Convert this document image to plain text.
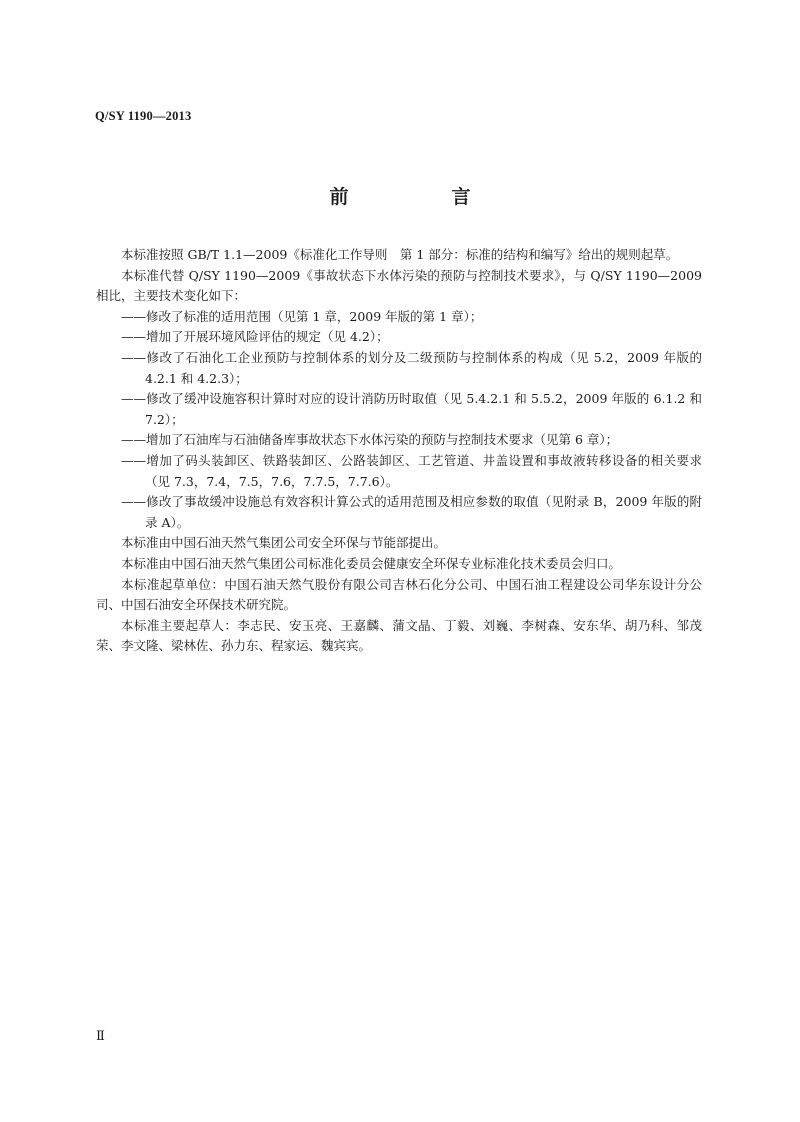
Q/SY 1190—2013
前　言

本标准按照 GB/T 1.1—2009《标准化工作导则　第 1 部分：标准的结构和编写》给出的规则起草。

本标准代替 Q/SY 1190—2009《事故状态下水体污染的预防与控制技术要求》，与 Q/SY 1190—2009 相比，主要技术变化如下：

——修改了标准的适用范围（见第 1 章，2009 年版的第 1 章）；

——增加了开展环境风险评估的规定（见 4.2）；

——修改了石油化工企业预防与控制体系的划分及二级预防与控制体系的构成（见 5.2，2009 年版的 4.2.1 和 4.2.3）；

——修改了缓冲设施容积计算时对应的设计消防历时取值（见 5.4.2.1 和 5.5.2，2009 年版的 6.1.2 和 7.2）；

——增加了石油库与石油储备库事故状态下水体污染的预防与控制技术要求（见第 6 章）；

——增加了码头装卸区、铁路装卸区、公路装卸区、工艺管道、井盖设置和事故液转移设备的相关要求（见 7.3，7.4，7.5，7.6，7.7.5，7.7.6）。

——修改了事故缓冲设施总有效容积计算公式的适用范围及相应参数的取值（见附录 B，2009 年版的附录 A）。

本标准由中国石油天然气集团公司安全环保与节能部提出。

本标准由中国石油天然气集团公司标准化委员会健康安全环保专业标准化技术委员会归口。

本标准起草单位：中国石油天然气股份有限公司吉林石化分公司、中国石油工程建设公司华东设计分公司、中国石油安全环保技术研究院。

本标准主要起草人：李志民、安玉亮、王嘉麟、蒲文晶、丁毅、刘巍、李树森、安东华、胡乃科、邹茂荣、李文隆、梁林佐、孙力东、程家运、魏宾宾。

Ⅱ
